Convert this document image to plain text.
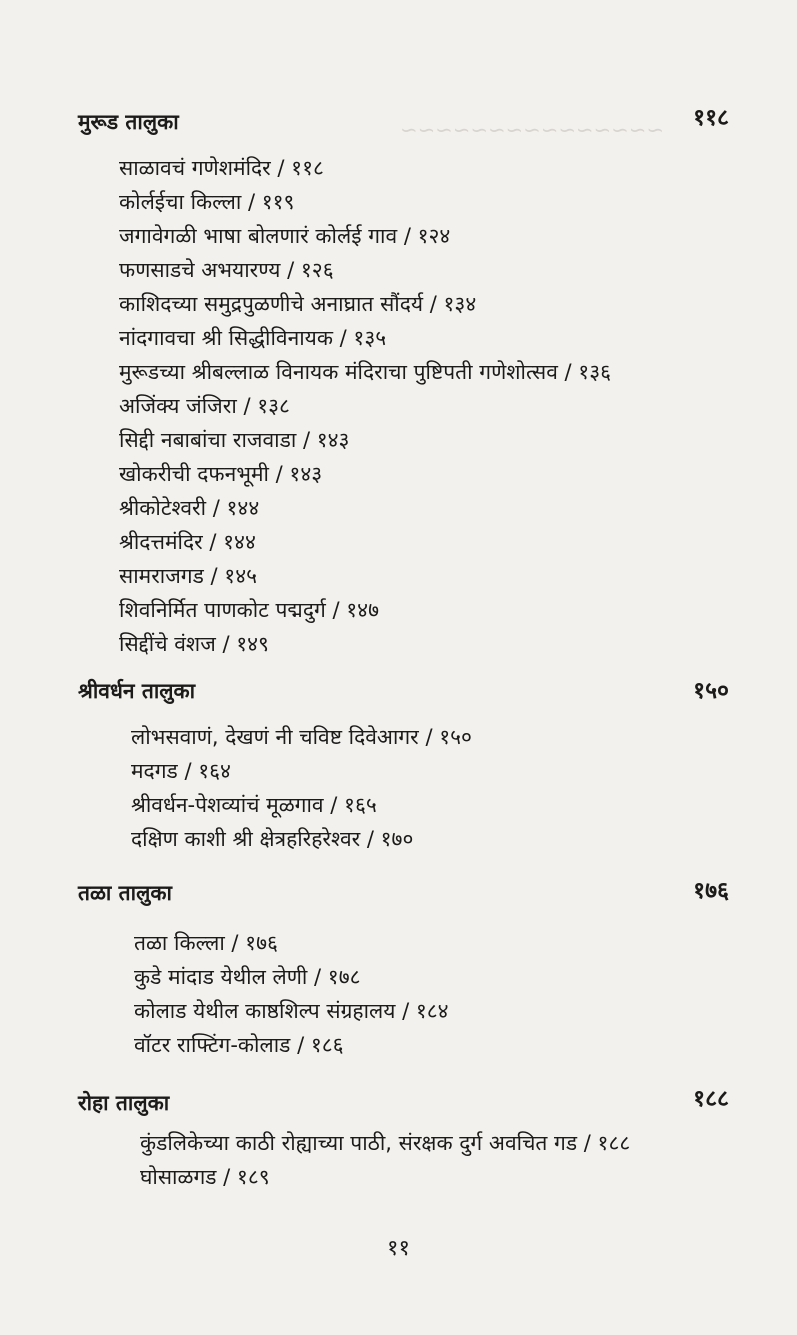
~~~~~~~~~~~~~~~
मुरूड तालुका	११८
साळावचं गणेशमंदिर / ११८
कोर्लईचा किल्ला / ११९
जगावेगळी भाषा बोलणारं कोर्लई गाव / १२४
फणसाडचे अभयारण्य / १२६
काशिदच्या समुद्रपुळणीचे अनाघ्रात सौंदर्य / १३४
नांदगावचा श्री सिद्धीविनायक / १३५
मुरूडच्या श्रीबल्लाळ विनायक मंदिराचा पुष्टिपती गणेशोत्सव / १३६
अजिंक्य जंजिरा / १३८
सिद्दी नबाबांचा राजवाडा / १४३
खोकरीची दफनभूमी / १४३
श्रीकोटेश्वरी / १४४
श्रीदत्तमंदिर / १४४
सामराजगड / १४५
शिवनिर्मित पाणकोट पद्मदुर्ग / १४७
सिद्दींचे वंशज / १४९
श्रीवर्धन तालुका	१५०
लोभसवाणं, देखणं नी चविष्ट दिवेआगर / १५०
मदगड / १६४
श्रीवर्धन-पेशव्यांचं मूळगाव / १६५
दक्षिण काशी श्री क्षेत्रहरिहरेश्वर / १७०
तळा तालुका	१७६
तळा किल्ला / १७६
कुडे मांदाड येथील लेणी / १७८
कोलाड येथील काष्ठशिल्प संग्रहालय / १८४
वॉटर राफ्टिंग-कोलाड / १८६
रोहा तालुका	१८८
कुंडलिकेच्या काठी रोह्याच्या पाठी, संरक्षक दुर्ग अवचित गड / १८८
घोसाळगड / १८९
११
